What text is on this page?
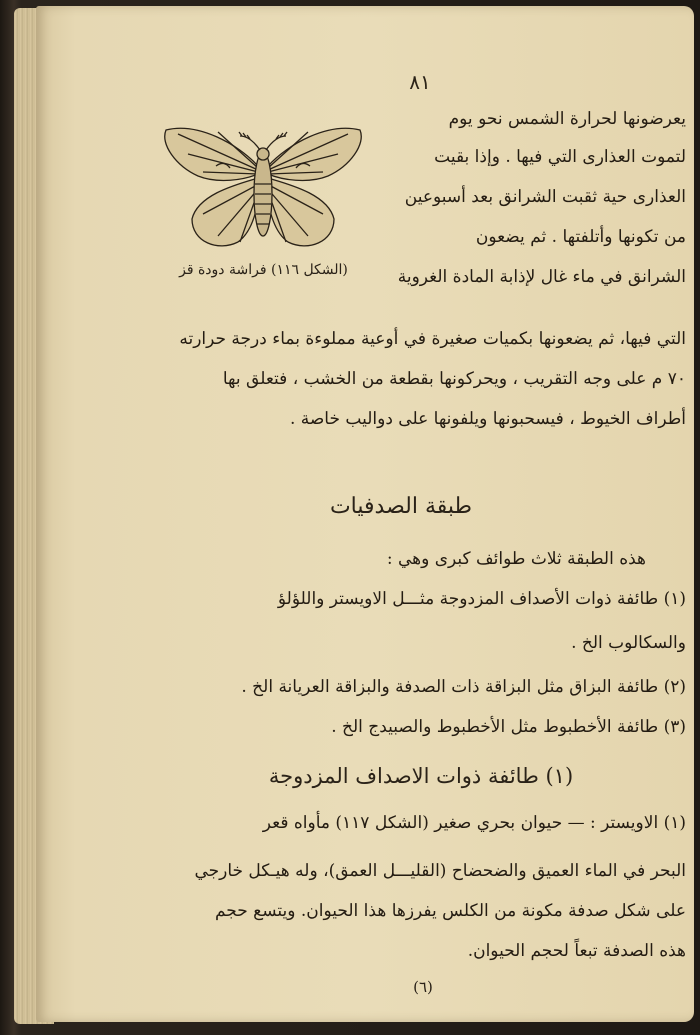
٨١
(الشكل ١١٦) فراشة دودة قز
يعرضونها لحرارة الشمس نحو يوم
لتموت العذارى التي فيها . وإذا بقيت
العذارى حية ثقبت الشرانق بعد أسبوعين
من تكونها وأتلفتها . ثم يضعون
الشرانق في ماء غال لإذابة المادة الغروية
التي فيها، ثم يضعونها بكميات صغيرة في أوعية مملوءة بماء درجة حرارته
٧٠ م على وجه التقريب ، ويحركونها بقطعة من الخشب ، فتعلق بها
أطراف الخيوط ، فيسحبونها ويلفونها على دواليب خاصة .
طبقة الصدفيات
هذه الطبقة ثلاث طوائف كبرى وهي :
(١) طائفة ذوات الأصداف المزدوجة مثـــل الاويستر واللؤلؤ
والسكالوب الخ .
(٢) طائفة البزاق مثل البزاقة ذات الصدفة والبزاقة العريانة الخ .
(٣) طائفة الأخطبوط مثل الأخطبوط والصبيدج الخ .
(١) الاويستر : — حيوان بحري صغير (الشكل ١١٧) مأواه قعر
البحر في الماء العميق والضحضاح (القليـــل العمق)، وله هيـكل خارجي
على شكل صدفة مكونة من الكلس يفرزها هذا الحيوان. ويتسع حجم
هذه الصدفة تبعاً لحجم الحيوان.
(١) طائفة ذوات الاصداف المزدوجة
(٦)
